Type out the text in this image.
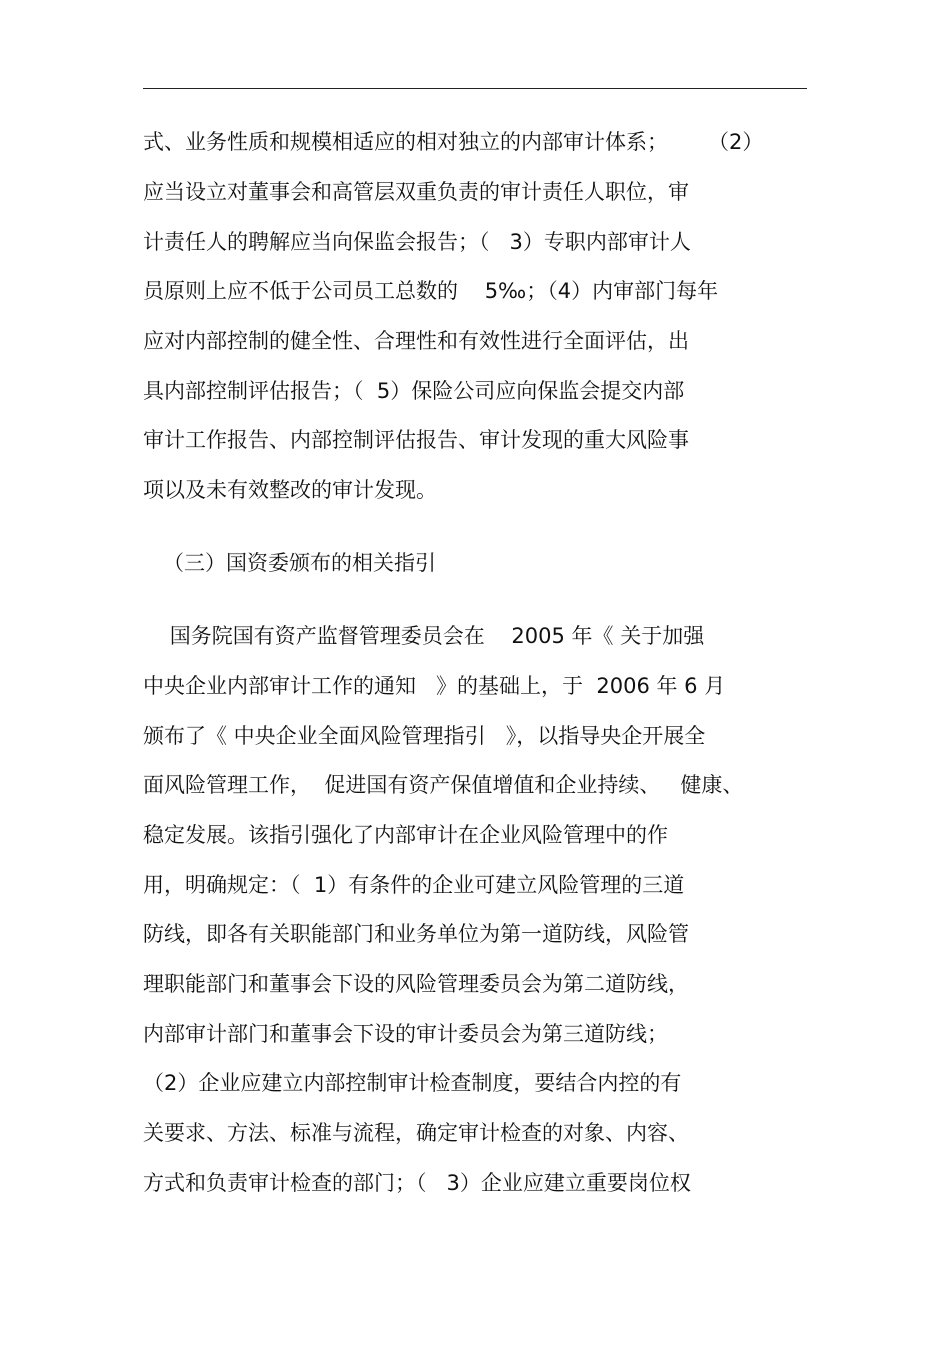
式、业务性质和规模相适应的相对独立的内部审计体系；      （2）
应当设立对董事会和高管层双重负责的审计责任人职位，审
计责任人的聘解应当向保监会报告；（   3）专职内部审计人
员原则上应不低于公司员工总数的    5‰；（4）内审部门每年
应对内部控制的健全性、合理性和有效性进行全面评估，出
具内部控制评估报告；（  5）保险公司应向保监会提交内部
审计工作报告、内部控制评估报告、审计发现的重大风险事
项以及未有效整改的审计发现。
（三）国资委颁布的相关指引
国务院国有资产监督管理委员会在    2005 年《 关于加强
中央企业内部审计工作的通知   》的基础上，于  2006 年 6 月
颁布了《 中央企业全面风险管理指引   》，以指导央企开展全
面风险管理工作，  促进国有资产保值增值和企业持续、   健康、
稳定发展。该指引强化了内部审计在企业风险管理中的作
用，明确规定：（  1）有条件的企业可建立风险管理的三道
防线，即各有关职能部门和业务单位为第一道防线，风险管
理职能部门和董事会下设的风险管理委员会为第二道防线，
内部审计部门和董事会下设的审计委员会为第三道防线；
（2）企业应建立内部控制审计检查制度，要结合内控的有
关要求、方法、标准与流程，确定审计检查的对象、内容、
方式和负责审计检查的部门；（   3）企业应建立重要岗位权
